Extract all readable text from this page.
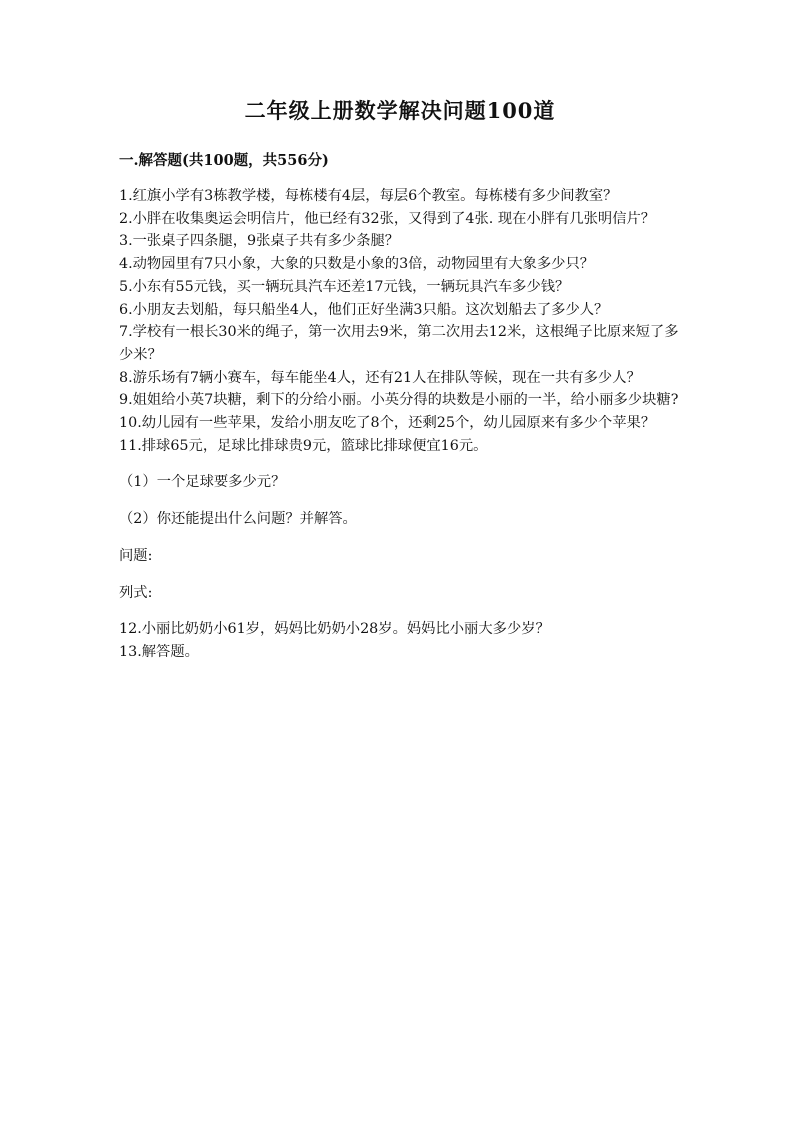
二年级上册数学解决问题100道
一.解答题(共100题，共556分)

1.红旗小学有3栋教学楼，每栋楼有4层，每层6个教室。每栋楼有多少间教室？

2.小胖在收集奥运会明信片，他已经有32张，又得到了4张. 现在小胖有几张明信片？

3.一张桌子四条腿，9张桌子共有多少条腿？

4.动物园里有7只小象，大象的只数是小象的3倍，动物园里有大象多少只？

5.小东有55元钱，买一辆玩具汽车还差17元钱，一辆玩具汽车多少钱？

6.小朋友去划船，每只船坐4人，他们正好坐满3只船。这次划船去了多少人？

7.学校有一根长30米的绳子，第一次用去9米，第二次用去12米，这根绳子比原来短了多少米？

8.游乐场有7辆小赛车，每车能坐4人，还有21人在排队等候，现在一共有多少人？

9.姐姐给小英7块糖，剩下的分给小丽。小英分得的块数是小丽的一半，给小丽多少块糖?

10.幼儿园有一些苹果，发给小朋友吃了8个，还剩25个，幼儿园原来有多少个苹果？

11.排球65元，足球比排球贵9元，篮球比排球便宜16元。

（1）一个足球要多少元？

（2）你还能提出什么问题？并解答。

问题:

列式:

12.小丽比奶奶小61岁，妈妈比奶奶小28岁。妈妈比小丽大多少岁？

13.解答题。
